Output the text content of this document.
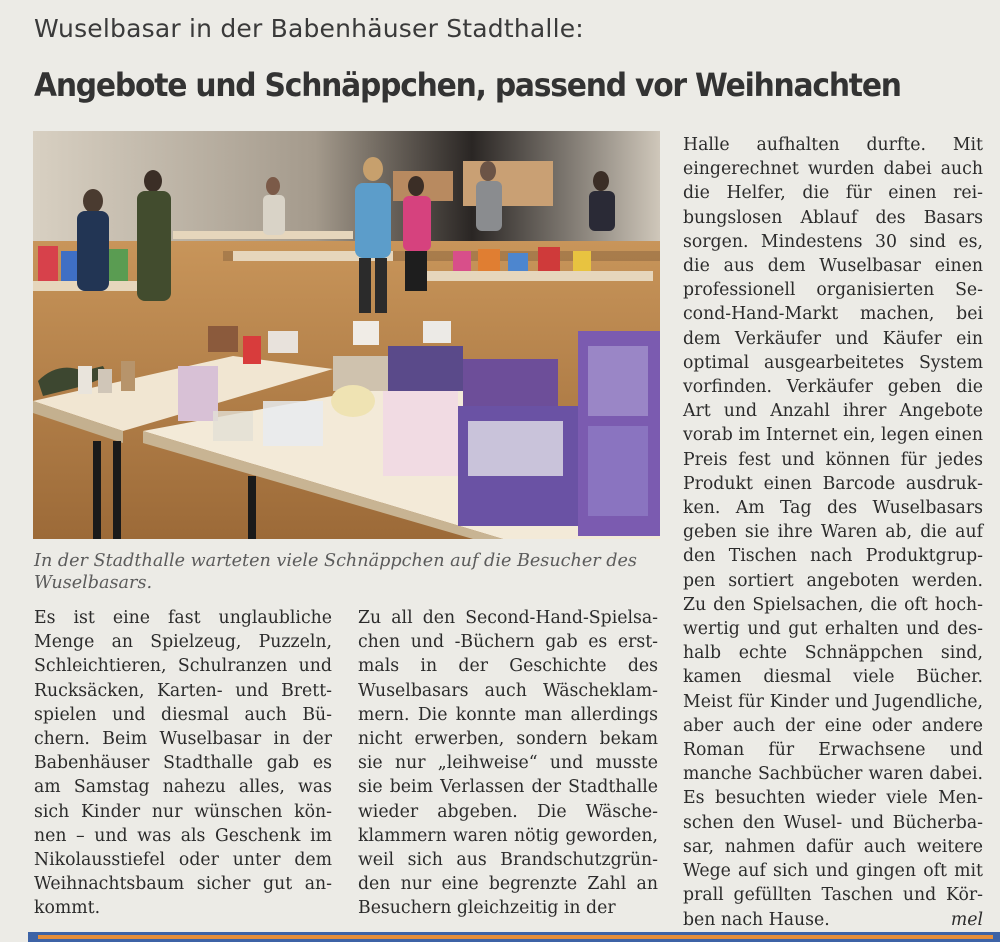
Wuselbasar in der Babenhäuser Stadthalle:
Angebote und Schnäppchen, passend vor Weihnachten
In der Stadthalle warteten viele Schnäppchen auf die Besucher des Wuselbasars.
Es ist eine fast unglaubliche Menge an Spielzeug, Puzzeln, Schleichtieren, Schulranzen und Rucksäcken, Karten- und Brettspielen und diesmal auch Büchern. Beim Wuselbasar in der Babenhäuser Stadthalle gab es am Samstag nahezu alles, was sich Kinder nur wünschen können – und was als Geschenk im Nikolausstiefel oder unter dem Weihnachtsbaum sicher gut ankommt.
Zu all den Second-Hand-Spielsachen und -Büchern gab es erstmals in der Geschichte des Wuselbasars auch Wäscheklammern. Die konnte man allerdings nicht erwerben, sondern bekam sie nur „leihweise“ und musste sie beim Verlassen der Stadthalle wieder abgeben. Die Wäscheklammern waren nötig geworden, weil sich aus Brandschutzgründen nur eine begrenzte Zahl an Besuchern gleichzeitig in der
Halle aufhalten durfte. Mit eingerechnet wurden dabei auch die Helfer, die für einen reibungslosen Ablauf des Basars sorgen. Mindestens 30 sind es, die aus dem Wuselbasar einen professionell organisierten Second-Hand-Markt machen, bei dem Verkäufer und Käufer ein optimal ausgearbeitetes System vorfinden. Verkäufer geben die Art und Anzahl ihrer Angebote vorab im Internet ein, legen einen Preis fest und können für jedes Produkt einen Barcode ausdrukken. Am Tag des Wuselbasars geben sie ihre Waren ab, die auf den Tischen nach Produktgruppen sortiert angeboten werden. Zu den Spielsachen, die oft hochwertig und gut erhalten und deshalb echte Schnäppchen sind, kamen diesmal viele Bücher. Meist für Kinder und Jugendliche, aber auch der eine oder andere Roman für Erwachsene und manche Sachbücher waren dabei. Es besuchten wieder viele Menschen den Wusel- und Bücherbasar, nahmen dafür auch weitere Wege auf sich und gingen oft mit prall gefüllten Taschen und Körben nach Hause.	mel
